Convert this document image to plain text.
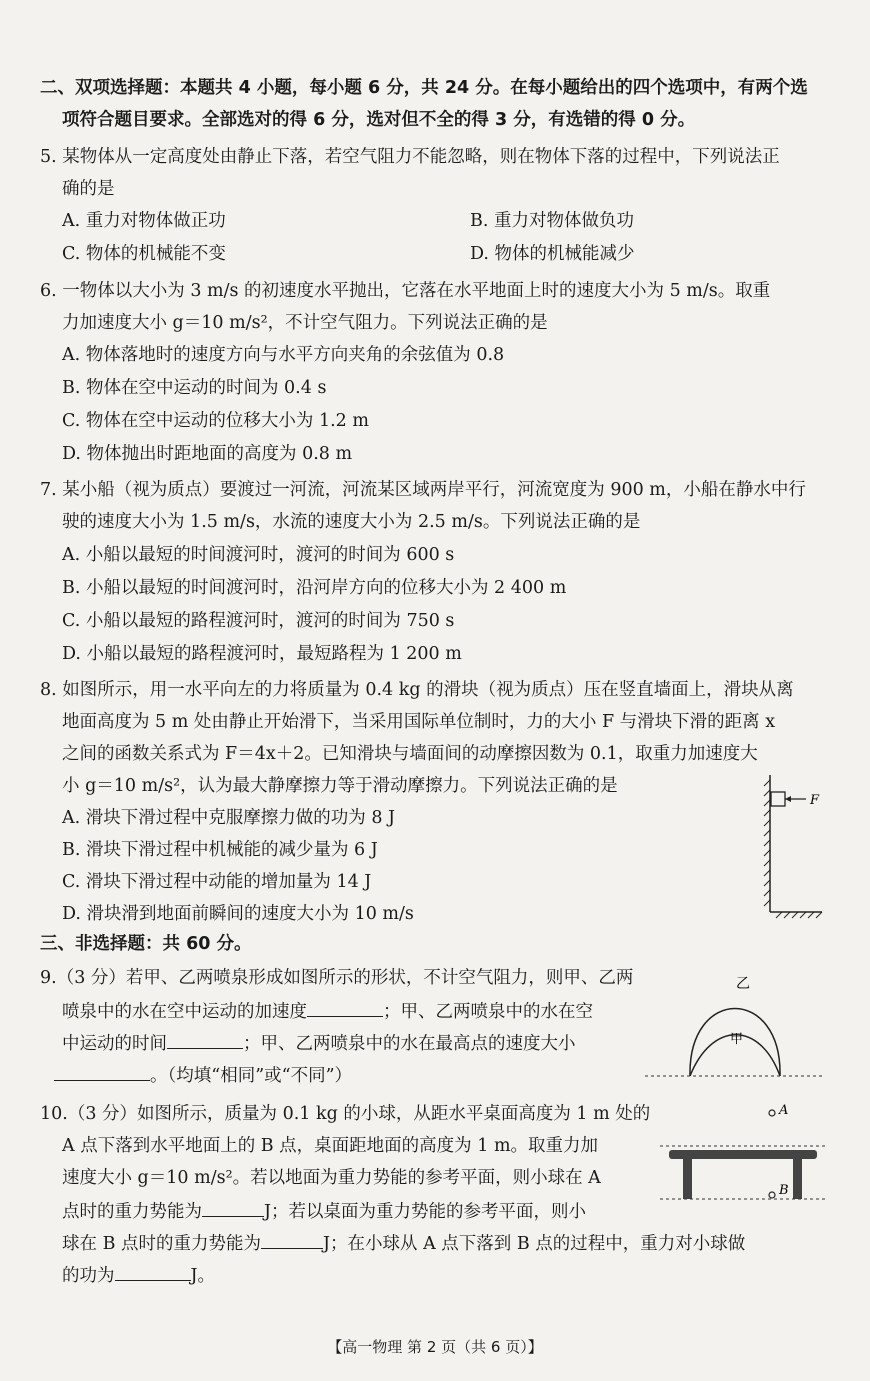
二、双项选择题：本题共 4 小题，每小题 6 分，共 24 分。在每小题给出的四个选项中，有两个选
项符合题目要求。全部选对的得 6 分，选对但不全的得 3 分，有选错的得 0 分。
5. 某物体从一定高度处由静止下落，若空气阻力不能忽略，则在物体下落的过程中，下列说法正
确的是
A. 重力对物体做正功	B. 重力对物体做负功
C. 物体的机械能不变	D. 物体的机械能减少
6. 一物体以大小为 3 m/s 的初速度水平抛出，它落在水平地面上时的速度大小为 5 m/s。取重
力加速度大小 g＝10 m/s²，不计空气阻力。下列说法正确的是
A. 物体落地时的速度方向与水平方向夹角的余弦值为 0.8
B. 物体在空中运动的时间为 0.4 s
C. 物体在空中运动的位移大小为 1.2 m
D. 物体抛出时距地面的高度为 0.8 m
7. 某小船（视为质点）要渡过一河流，河流某区域两岸平行，河流宽度为 900 m，小船在静水中行
驶的速度大小为 1.5 m/s，水流的速度大小为 2.5 m/s。下列说法正确的是
A. 小船以最短的时间渡河时，渡河的时间为 600 s
B. 小船以最短的时间渡河时，沿河岸方向的位移大小为 2 400 m
C. 小船以最短的路程渡河时，渡河的时间为 750 s
D. 小船以最短的路程渡河时，最短路程为 1 200 m
8. 如图所示，用一水平向左的力将质量为 0.4 kg 的滑块（视为质点）压在竖直墙面上，滑块从离
地面高度为 5 m 处由静止开始滑下，当采用国际单位制时，力的大小 F 与滑块下滑的距离 x
之间的函数关系式为 F＝4x＋2。已知滑块与墙面间的动摩擦因数为 0.1，取重力加速度大
小 g＝10 m/s²，认为最大静摩擦力等于滑动摩擦力。下列说法正确的是
A. 滑块下滑过程中克服摩擦力做的功为 8 J
B. 滑块下滑过程中机械能的减少量为 6 J
C. 滑块下滑过程中动能的增加量为 14 J
D. 滑块滑到地面前瞬间的速度大小为 10 m/s
F
三、非选择题：共 60 分。
9.（3 分）若甲、乙两喷泉形成如图所示的形状，不计空气阻力，则甲、乙两
喷泉中的水在空中运动的加速度	；甲、乙两喷泉中的水在空
中运动的时间	；甲、乙两喷泉中的水在最高点的速度大小
。（均填“相同”或“不同”）
乙
甲
10.（3 分）如图所示，质量为 0.1 kg 的小球，从距水平桌面高度为 1 m 处的
A 点下落到水平地面上的 B 点，桌面距地面的高度为 1 m。取重力加
速度大小 g＝10 m/s²。若以地面为重力势能的参考平面，则小球在 A
点时的重力势能为	J；若以桌面为重力势能的参考平面，则小
球在 B 点时的重力势能为	J；在小球从 A 点下落到 B 点的过程中，重力对小球做
的功为	J。
A
B
【高一物理 第 2 页（共 6 页）】
